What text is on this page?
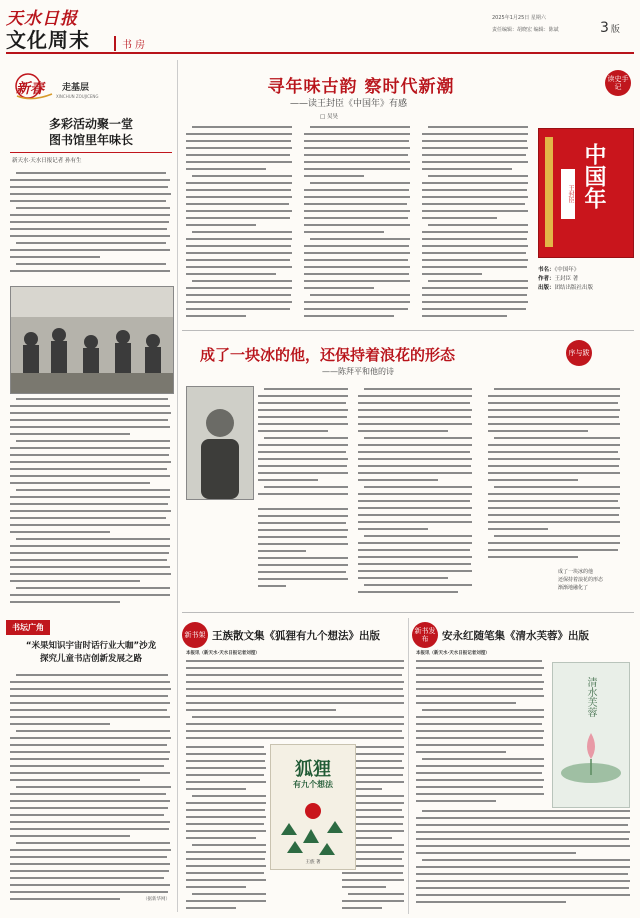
天水日报
文化周末	书房
2025年1月25日 星期六
责任编辑：胡晓宏 编辑：陈斌	3 版
新春 走基层
XINCHUN ZOUJICENG
多彩活动聚一堂
图书馆里年味长
新天水·天水日报记者 孙有生

书坛广角
“米果知识宇宙时话行业大咖”沙龙
探究儿童书店创新发展之路
（据新华网）
寻年味古韵 察时代新潮
——读王封臣《中国年》有感
□ 吴昊
读史手记
中国年
王封臣
书名：《中国年》
作者：王封臣 著
出版：团结出版社出版
成了一块冰的他，还保持着浪花的形态
——陈拜平和他的诗
序与跋
成了一块冰的他
还保持着浪花的形态
渐渐地融化了
新书架 王族散文集《狐狸有九个想法》出版
本报讯（新天水·天水日报记者刘滢）
狐狸
有九个想法
王族 著
新书发布	安永红随笔集《清水芙蓉》出版
本报讯（新天水·天水日报记者刘滢）
清水芙蓉
